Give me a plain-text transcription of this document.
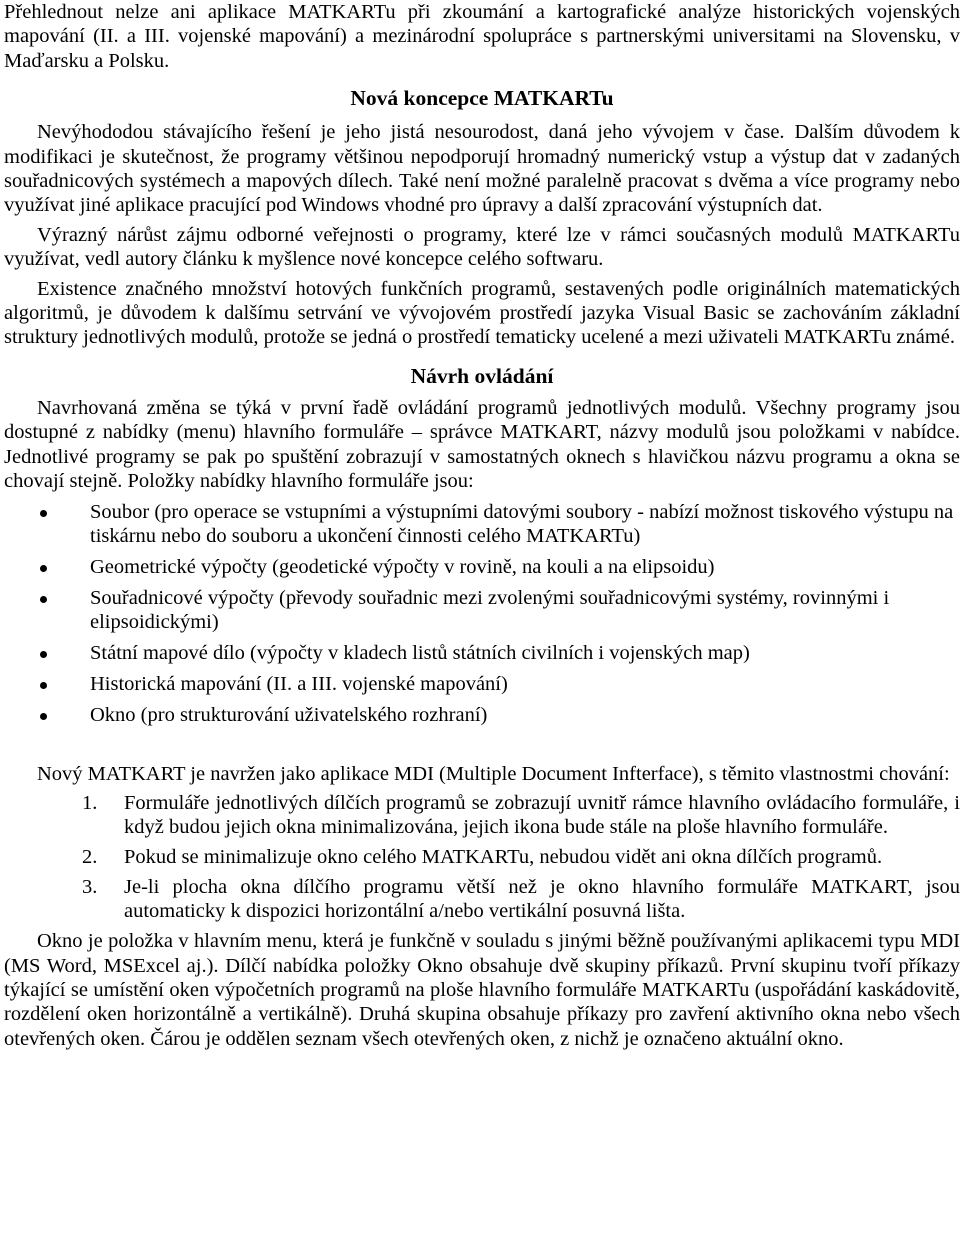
Přehlednout nelze ani aplikace MATKARTu při zkoumání a kartografické analýze historických vojenských mapování (II. a III. vojenské mapování) a mezinárodní spolupráce s partnerskými universitami na Slovensku, v Maďarsku a Polsku.

Nová koncepce MATKARTu

Nevýhododou stávajícího řešení je jeho jistá nesourodost, daná jeho vývojem v čase. Dalším důvodem k modifikaci je skutečnost, že programy většinou nepodporují hromadný numerický vstup a výstup dat v zadaných souřadnicových systémech a mapových dílech. Také není možné paralelně pracovat s dvěma a více programy nebo využívat jiné aplikace pracující pod Windows vhodné pro úpravy a další zpracování výstupních dat.

Výrazný nárůst zájmu odborné veřejnosti o programy, které lze v rámci současných modulů MATKARTu využívat, vedl autory článku k myšlence nové koncepce celého softwaru.

Existence značného množství hotových funkčních programů, sestavených podle originálních matematických algoritmů, je důvodem k dalšímu setrvání ve vývojovém prostředí jazyka Visual Basic se zachováním základní struktury jednotlivých modulů, protože se jedná o prostředí tematicky ucelené a mezi uživateli MATKARTu známé.

Návrh ovládání

Navrhovaná změna se týká v první řadě ovládání programů jednotlivých modulů. Všechny programy jsou dostupné z nabídky (menu) hlavního formuláře – správce MATKART, názvy modulů jsou položkami v nabídce. Jednotlivé programy se pak po spuštění zobrazují v samostatných oknech s hlavičkou názvu programu a okna se chovají stejně. Položky nabídky hlavního formuláře jsou:

Soubor (pro operace se vstupními a výstupními datovými soubory - nabízí možnost tiskového výstupu na tiskárnu nebo do souboru a ukončení činnosti celého MATKARTu)
Geometrické výpočty (geodetické výpočty v rovině, na kouli a na elipsoidu)
Souřadnicové výpočty (převody souřadnic mezi zvolenými souřadnicovými systémy, rovinnými i elipsoidickými)
Státní mapové dílo (výpočty v kladech listů státních civilních i vojenských map)
Historická mapování (II. a III. vojenské mapování)
Okno (pro strukturování uživatelského rozhraní)

Nový MATKART je navržen jako aplikace MDI (Multiple Document Infterface), s těmito vlastnostmi chování:

1. Formuláře jednotlivých dílčích programů se zobrazují uvnitř rámce hlavního ovládacího formuláře, i když budou jejich okna minimalizována, jejich ikona bude stále na ploše hlavního formuláře.
2. Pokud se minimalizuje okno celého MATKARTu, nebudou vidět ani okna dílčích programů.
3. Je-li plocha okna dílčího programu větší než je okno hlavního formuláře MATKART, jsou automaticky k dispozici horizontální a/nebo vertikální posuvná lišta.

Okno je položka v hlavním menu, která je funkčně v souladu s jinými běžně používanými aplikacemi typu MDI (MS Word, MSExcel aj.). Dílčí nabídka položky Okno obsahuje dvě skupiny příkazů. První skupinu tvoří příkazy týkající se umístění oken výpočetních programů na ploše hlavního formuláře MATKARTu (uspořádání kaskádovitě, rozdělení oken horizontálně a vertikálně). Druhá skupina obsahuje příkazy pro zavření aktivního okna nebo všech otevřených oken. Čárou je oddělen seznam všech otevřených oken, z nichž je označeno aktuální okno.
